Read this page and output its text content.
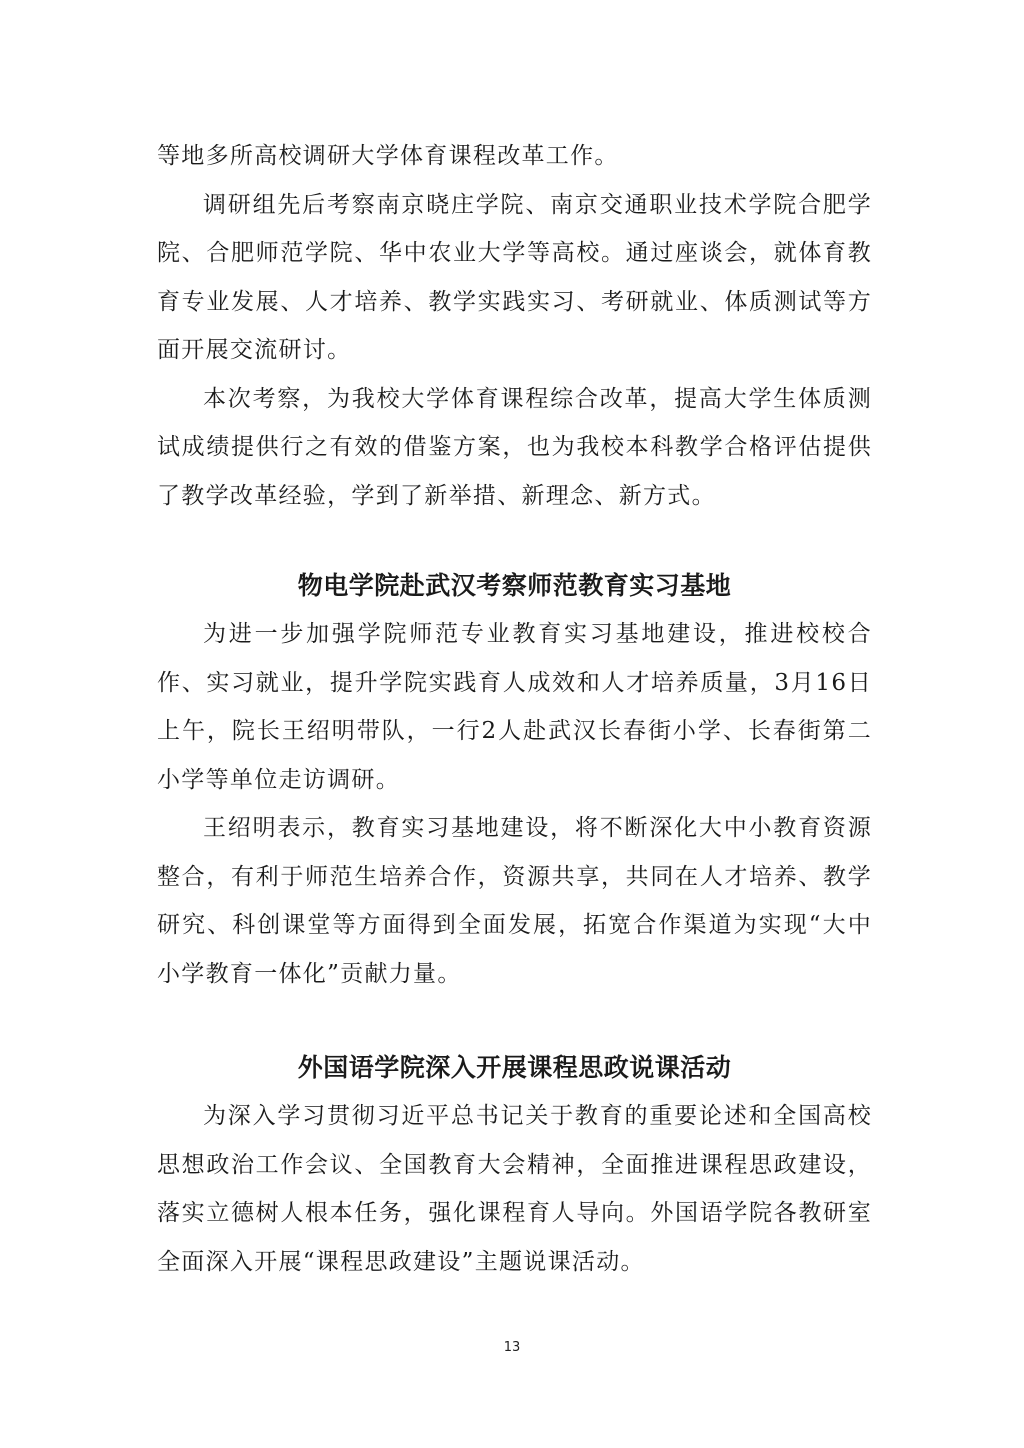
等地多所高校调研大学体育课程改革工作。

调研组先后考察南京晓庄学院、南京交通职业技术学院合肥学院、合肥师范学院、华中农业大学等高校。通过座谈会，就体育教育专业发展、人才培养、教学实践实习、考研就业、体质测试等方面开展交流研讨。

本次考察，为我校大学体育课程综合改革，提高大学生体质测试成绩提供行之有效的借鉴方案，也为我校本科教学合格评估提供了教学改革经验，学到了新举措、新理念、新方式。

物电学院赴武汉考察师范教育实习基地

为进一步加强学院师范专业教育实习基地建设，推进校校合作、实习就业，提升学院实践育人成效和人才培养质量，3月16日上午，院长王绍明带队，一行2人赴武汉长春街小学、长春街第二小学等单位走访调研。

王绍明表示，教育实习基地建设，将不断深化大中小教育资源整合，有利于师范生培养合作，资源共享，共同在人才培养、教学研究、科创课堂等方面得到全面发展，拓宽合作渠道为实现“大中小学教育一体化”贡献力量。

外国语学院深入开展课程思政说课活动

为深入学习贯彻习近平总书记关于教育的重要论述和全国高校思想政治工作会议、全国教育大会精神，全面推进课程思政建设，落实立德树人根本任务，强化课程育人导向。外国语学院各教研室全面深入开展“课程思政建设”主题说课活动。

13
